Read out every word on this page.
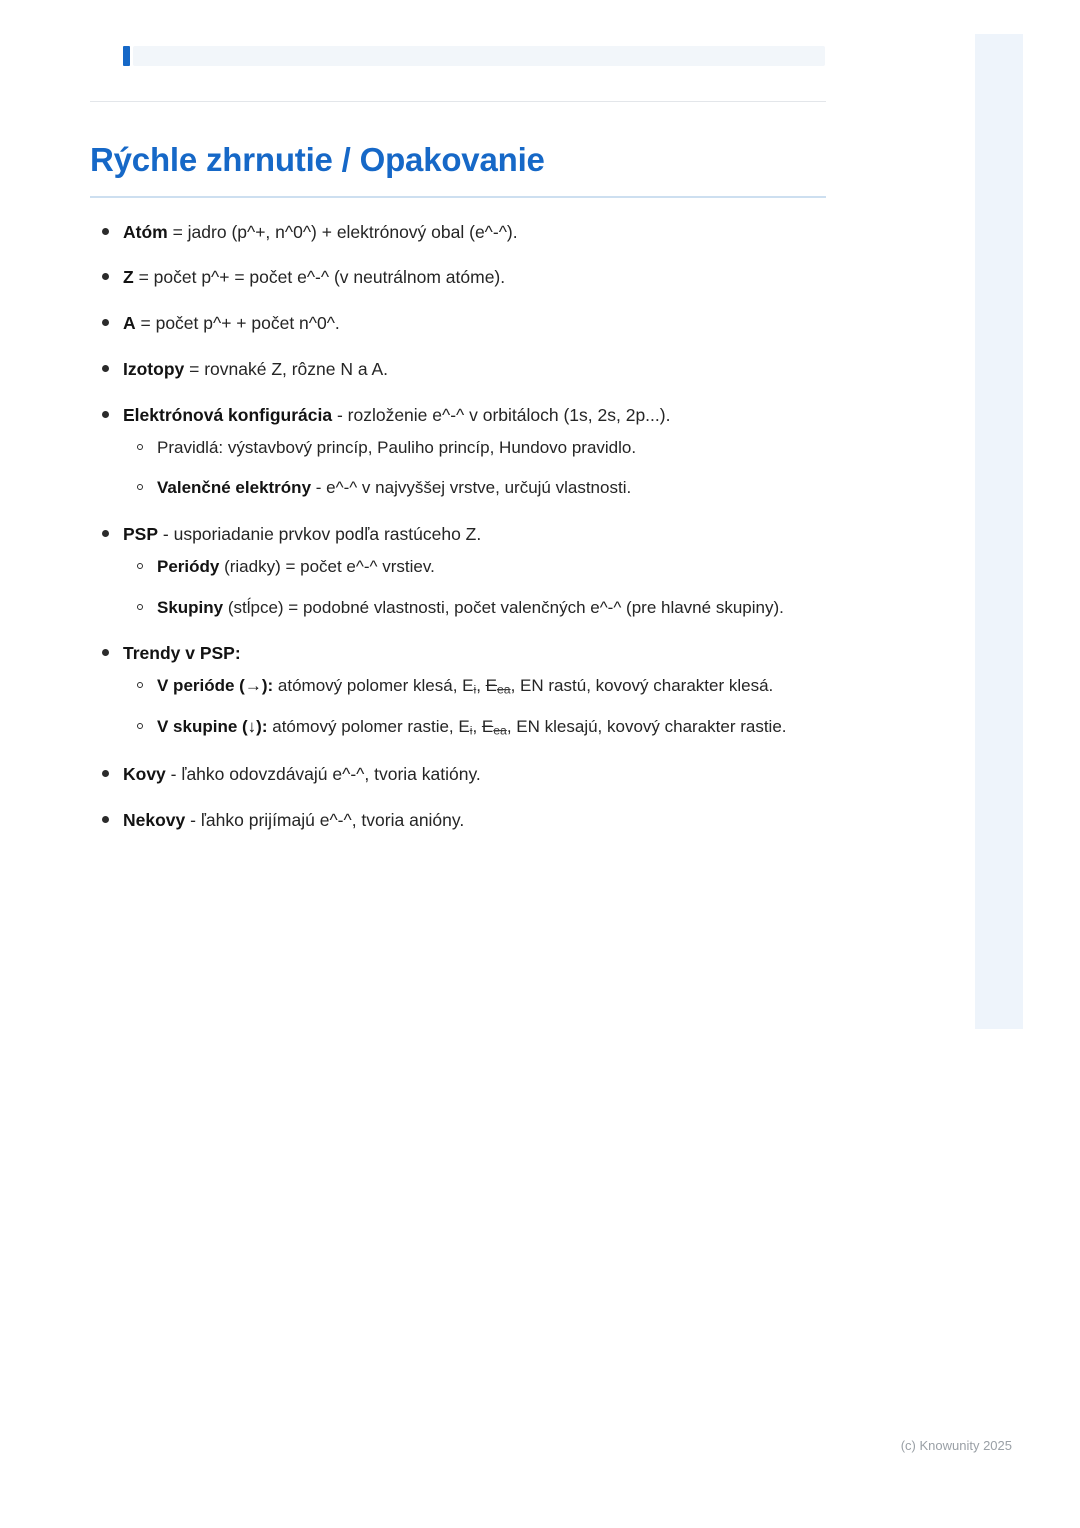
Rýchle zhrnutie / Opakovanie
Atóm = jadro (p^+, n^0^) + elektrónový obal (e^-^).
Z = počet p^+ = počet e^-^ (v neutrálnom atóme).
A = počet p^+ + počet n^0^.
Izotopy = rovnaké Z, rôzne N a A.
Elektrónová konfigurácia - rozloženie e^-^ v orbitáloch (1s, 2s, 2p...).
Pravidlá: výstavbový princíp, Pauliho princíp, Hundovo pravidlo.
Valenčné elektróny - e^-^ v najvyššej vrstve, určujú vlastnosti.
PSP - usporiadanie prvkov podľa rastúceho Z.
Periódy (riadky) = počet e^-^ vrstiev.
Skupiny (stĺpce) = podobné vlastnosti, počet valenčných e^-^ (pre hlavné skupiny).
Trendy v PSP:
V perióde (→): atómový polomer klesá, Ei, Eea, EN rastú, kovový charakter klesá.
V skupine (↓): atómový polomer rastie, Ei, Eea, EN klesajú, kovový charakter rastie.
Kovy - ľahko odovzdávajú e^-^, tvoria katióny.
Nekovy - ľahko prijímajú e^-^, tvoria anióny.
(c) Knowunity 2025
